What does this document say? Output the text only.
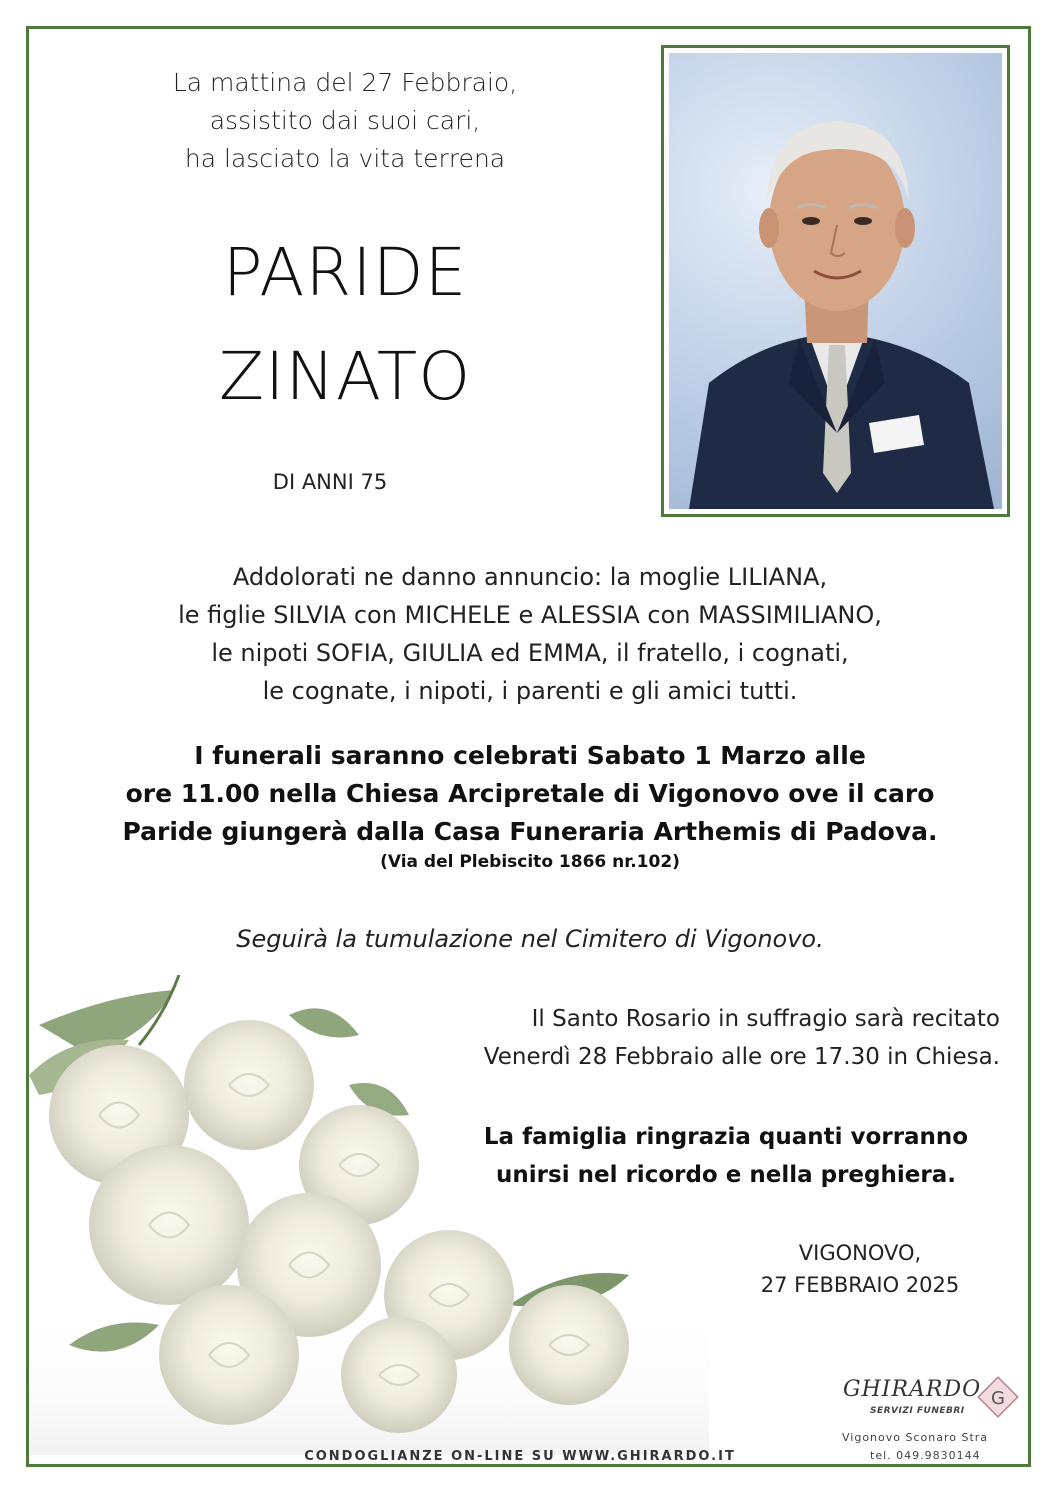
La mattina del 27 Febbraio,
assistito dai suoi cari,
ha lasciato la vita terrena
PARIDE
ZINATO
DI ANNI 75
Addolorati ne danno annuncio: la moglie LILIANA,
le figlie SILVIA con MICHELE e ALESSIA con MASSIMILIANO,
le nipoti SOFIA, GIULIA ed EMMA, il fratello, i cognati,
le cognate, i nipoti, i parenti e gli amici tutti.
I funerali saranno celebrati Sabato 1 Marzo alle
ore 11.00 nella Chiesa Arcipretale di Vigonovo ove il caro
Paride giungerà dalla Casa Funeraria Arthemis di Padova.
(Via del Plebiscito 1866 nr.102)
Seguirà la tumulazione nel Cimitero di Vigonovo.
Il Santo Rosario in suffragio sarà recitato
Venerdì 28 Febbraio alle ore 17.30 in Chiesa.
La famiglia ringrazia quanti vorranno
unirsi nel ricordo e nella preghiera.
VIGONOVO,
27 FEBBRAIO 2025
CONDOGLIANZE ON-LINE SU WWW.GHIRARDO.IT
GHIRARDO
SERVIZI FUNEBRI
G
Vigonovo Sconaro Stra
tel. 049.9830144
